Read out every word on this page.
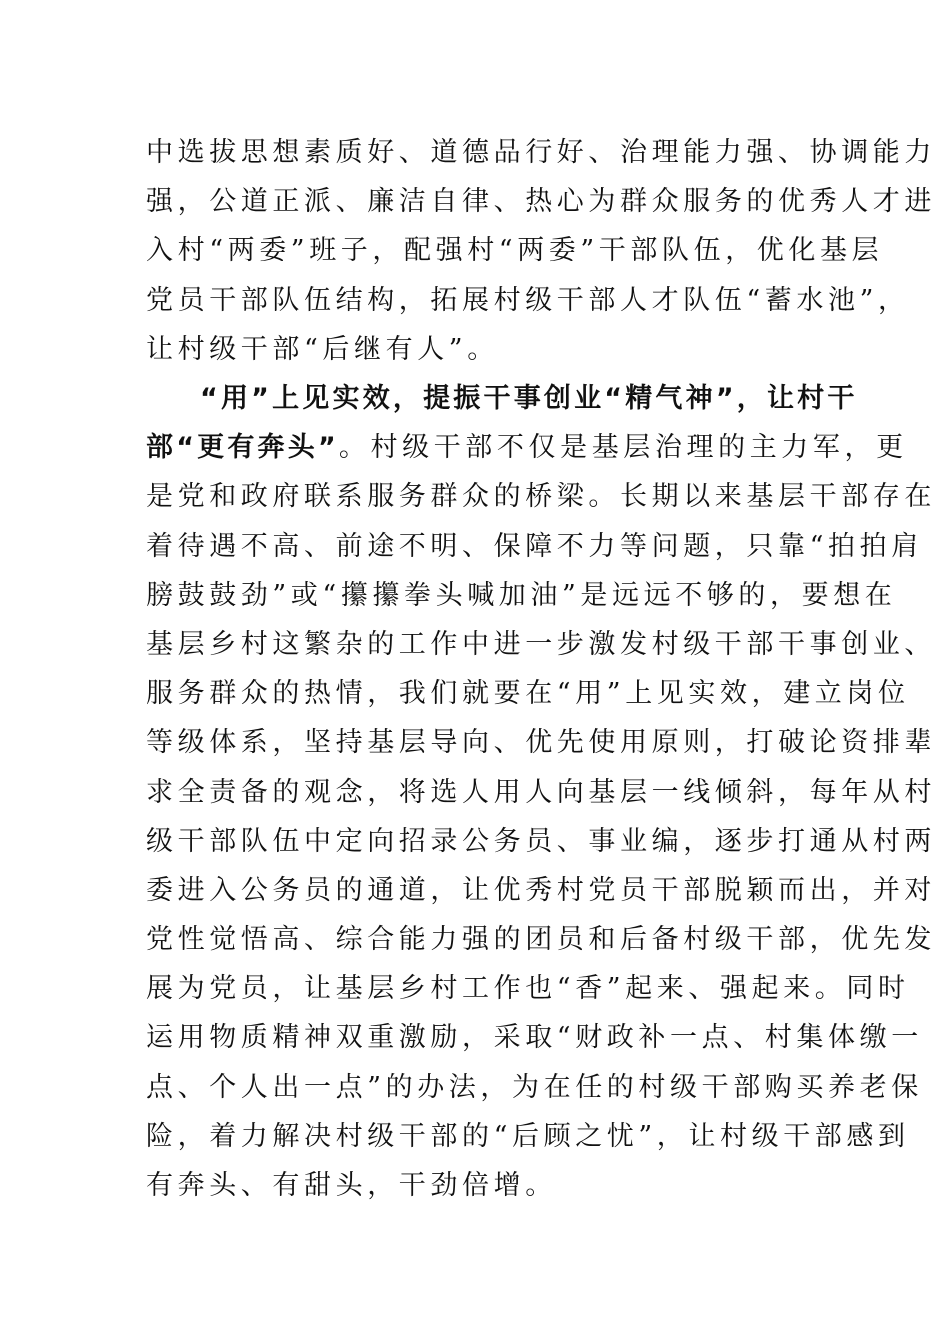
中选拔思想素质好、道德品行好、治理能力强、协调能力
强，公道正派、廉洁自律、热心为群众服务的优秀人才进
入村“两委”班子，配强村“两委”干部队伍，优化基层
党员干部队伍结构，拓展村级干部人才队伍“蓄水池”，
让村级干部“后继有人”。
“用”上见实效，提振干事创业“精气神”，让村干
部“更有奔头”。村级干部不仅是基层治理的主力军，更
是党和政府联系服务群众的桥梁。长期以来基层干部存在
着待遇不高、前途不明、保障不力等问题，只靠“拍拍肩
膀鼓鼓劲”或“攥攥拳头喊加油”是远远不够的，要想在
基层乡村这繁杂的工作中进一步激发村级干部干事创业、
服务群众的热情，我们就要在“用”上见实效，建立岗位
等级体系，坚持基层导向、优先使用原则，打破论资排辈
求全责备的观念，将选人用人向基层一线倾斜，每年从村
级干部队伍中定向招录公务员、事业编，逐步打通从村两
委进入公务员的通道，让优秀村党员干部脱颖而出，并对
党性觉悟高、综合能力强的团员和后备村级干部，优先发
展为党员，让基层乡村工作也“香”起来、强起来。同时
运用物质精神双重激励，采取“财政补一点、村集体缴一
点、个人出一点”的办法，为在任的村级干部购买养老保
险，着力解决村级干部的“后顾之忧”，让村级干部感到
有奔头、有甜头，干劲倍增。
